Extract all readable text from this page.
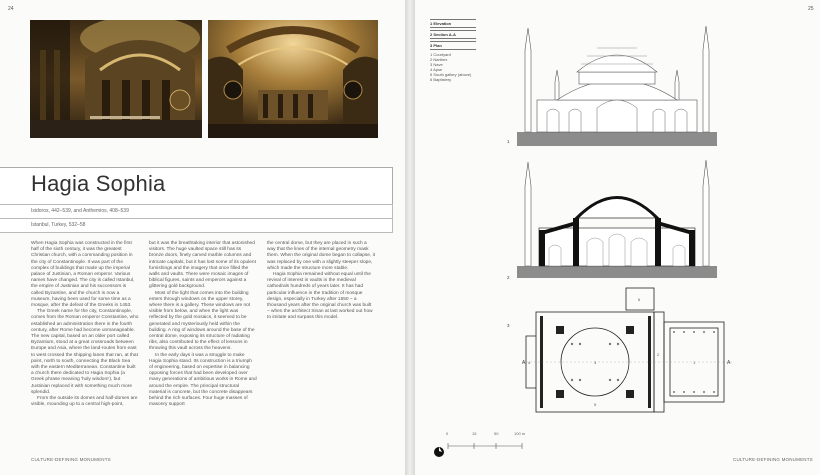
24
Hagia Sophia
Isidoros, 442–539, and Anthemios, 408–539
Istanbul, Turkey, 532–58

When Hagia Sophia was constructed in the first half of the sixth century, it was the greatest Christian church, with a commanding position in the city of Constantinople. It was part of the complex of buildings that made up the imperial palace of Justinian, a Roman emperor. Various names have changed. The city is called Istanbul, the empire of Justinian and his successors is called Byzantine, and the church is now a museum, having been used for some time as a mosque, after the defeat of the Greeks in 1453.

The Greek name for the city, Constantinople, comes from the Roman emperor Constantine, who established an administration there in the fourth century, after Rome had become unmanageable. The new capital, based on an older port called Byzantium, stood at a great crossroads between Europe and Asia, where the land-routes from east to west crossed the shipping lanes that ran, at that point, north to south, connecting the Black Sea with the eastern Mediterranean. Constantine built a church there dedicated to Hagia Sophia (a Greek phrase meaning 'holy wisdom'), but Justinian replaced it with something much more splendid.

From the outside its domes and half-domes are visible, mounding up to a central high-point,

but it was the breathtaking interior that astonished visitors. The huge vaulted space still has its bronze doors, finely carved marble columns and intricate capitals, but it has lost some of its opulent furnishings and the imagery that once filled the walls and vaults. There were mosaic images of biblical figures, saints and emperors against a glittering gold background.

Most of the light that comes into the building enters through windows on the upper storey, where there is a gallery. These windows are not visible from below, and when the light was reflected by the gold mosaics, it seemed to be generated and mysteriously held within the building. A ring of windows around the base of the central dome, exposing its structure of radiating ribs, also contributed to the effect of lessons in throwing this vault across the heavens.

In the early days it was a struggle to make Hagia Sophia stand. Its construction is a triumph of engineering, based on expertise in balancing opposing forces that had been developed over many generations of ambitious works in Rome and around the empire. The principal structural material is concrete, but the concrete disappears behind the rich surfaces. Four huge masses of masonry support

the central dome, but they are placed in such a way that the lines of the internal geometry mask them. When the original dome began to collapse, it was replaced by one with a slightly steeper slope, which made the structure more stable.

Hagia Sophia remained without equal until the revival of interest in vaults in the medieval cathedrals hundreds of years later. It has had particular influence in the tradition of mosque design, especially in Turkey after 1550 – a thousand years after the original church was built – when the architect Sinan at last worked out how to imitate and surpass this model.

CULTURE-DEFINING MONUMENTS
25
1 Elevation
2 Section A-A
3 Plan
1 Courtyard
2 Narthex
3 Nave
4 Apse
5 South gallery (above)
6 Baptistery
1
2
A	A
3	1
4
6
2
5
3
0	15	50	100 m
CULTURE-DEFINING MONUMENTS
